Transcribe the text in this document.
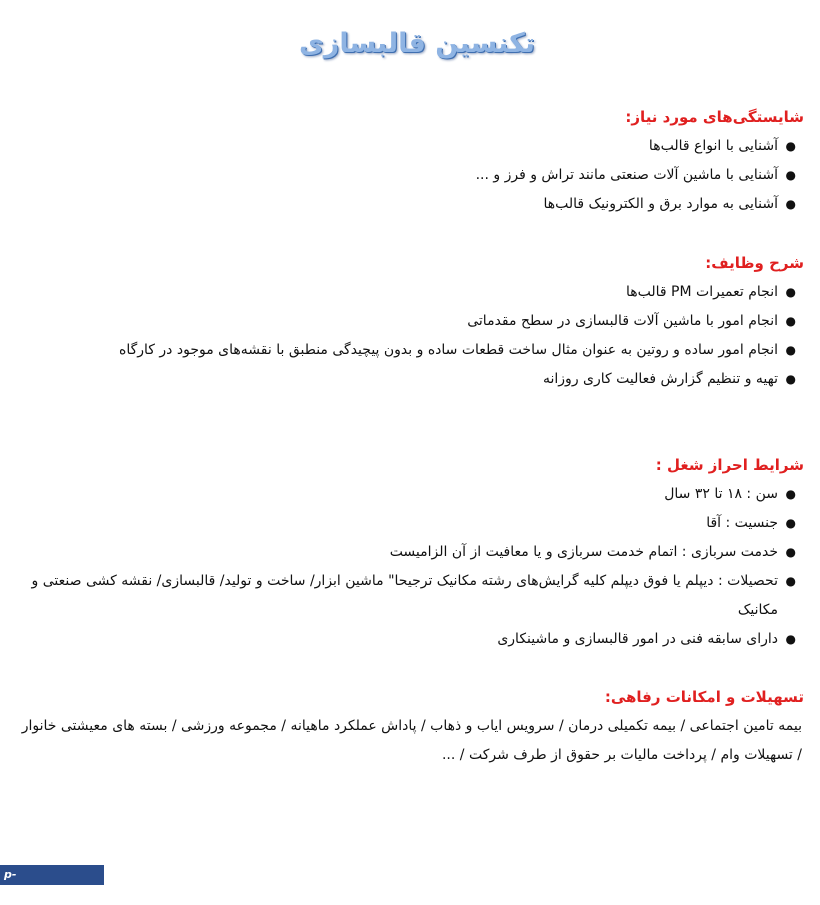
تکنسین قالبسازی
شایستگی‌های مورد نیاز:
●
آشنایی با انواع قالب‌ها
●
آشنایی با ماشین آلات صنعتی مانند تراش و فرز و ...
●
آشنایی به موارد برق و الکترونیک قالب‌ها
شرح وظایف:
●
انجام تعمیرات PM قالب‌ها
●
انجام امور با ماشین آلات قالبسازی در سطح مقدماتی
●
انجام امور ساده و روتین به عنوان مثال ساخت قطعات ساده و بدون پیچیدگی منطبق با نقشه‌های موجود در کارگاه
●
تهیه و تنظیم گزارش فعالیت کاری روزانه
شرایط احراز شغل :
●
سن : ۱۸ تا ۳۲ سال
●
جنسیت : آقا
●
خدمت سربازی : اتمام خدمت سربازی و یا معافیت از آن الزامیست
●
تحصیلات : دیپلم یا فوق دیپلم کلیه گرایش‌های رشته مکانیک ترجیحا" ماشین ابزار/ ساخت و تولید/ قالبسازی/ نقشه کشی صنعتی و مکانیک
●
دارای سابقه فنی در امور قالبسازی و ماشینکاری
تسهیلات و امکانات رفاهی:

بیمه تامین اجتماعی / بیمه تکمیلی درمان / سرویس ایاب و ذهاب / پاداش عملکرد ماهیانه / مجموعه ورزشی / بسته های معیشتی خانوار / تسهیلات وام / پرداخت مالیات بر حقوق از طرف شرکت / ...

p-anzali.nus.ac.ir
